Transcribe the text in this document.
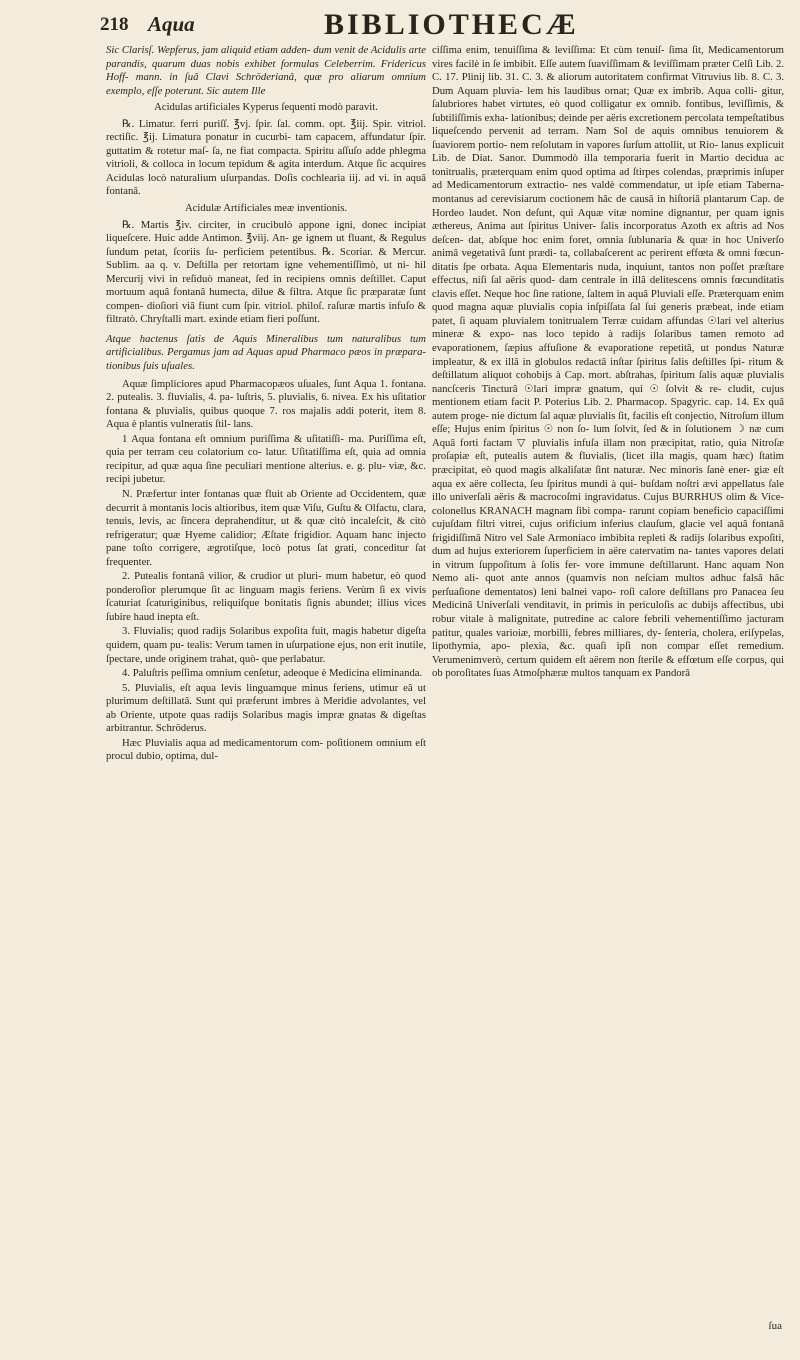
218 Aqua	BIBLIOTHECÆ

Sic Clarisſ. Wepferus, jam aliquid etiam adden- dum venit de Acidulis arte parandis, quarum duas nobis exhibet formulas Celeberrim. Fridericus Hoff- mann. in ſuâ Clavi Schröderianâ, quæ pro aliarum omnium exemplo, eſſe poterunt. Sic autem Ille

Acidulas artificiales Kyperus ſequenti modò paravit.

℞. Limatur. ferri puriſſ. ℥vj. ſpir. ſal. comm. opt. ℥iij. Spir. vitriol. rectiſic. ℥ij. Limatura ponatur in cucurbi- tam capacem, affundatur ſpir. guttatim & rotetur maſ- ſa, ne fiat compacta. Spiritu aſſuſo adde phlegma vitrioli, & colloca in locum tepidum & agita interdum. Atque ſic acquires Acidulas locò naturalium uſurpandas. Doſis cochlearia iij. ad vi. in aquâ fontanâ.

Acidulæ Artificiales meæ inventionis.

℞. Martis ℥iv. circiter, in crucibulò appone igni, donec incipiat liqueſcere. Huic adde Antimon. ℥viij. An- ge ignem ut fluant, & Regulus ſundum petat, ſcoriis ſu- perficiem petentibus. ℞. Scoriar. & Mercur. Sublim. aa q. v. Deſtilla per retortam igne vehementiſſimò, ut ni- hil Mercurij vivi in reſiduò maneat, ſed in recipiens omnis deſtillet. Caput mortuum aquâ fontanâ humecta, dilue & filtra. Atque ſic præparatæ ſunt compen- dioſiori viâ fiunt cum ſpir. vitriol. philoſ. raſuræ martis infuſo & filtratò. Chryſtalli mart. exinde etiam fieri poſſunt.

Atque hactenus ſatis de Aquis Mineralibus tum naturalibus tum artificialibus. Pergamus jam ad Aquas apud Pharmaco pæos in præpara- tionibus ſuis uſuales.

Aquæ ſimpliciores apud Pharmacopæos uſuales, ſunt Aqua 1. fontana. 2. putealis. 3. fluvialis, 4. pa- luſtris, 5. pluvialis, 6. nivea. Ex his uſitatior fontana & pluvialis, quibus quoque 7. ros majalis addi poterit, item 8. Aqua è plantis vulneratis ſtil- lans.

1 Aqua fontana eſt omnium puriſſima & uſitatiſſi- ma. Puriſſima eſt, quia per terram ceu colatorium co- latur. Uſitatiſſima eſt, quia ad omnia recipitur, ad quæ aqua ſine peculiari mentione alterius. e. g. plu- viæ, &c. recipi jubetur.

N. Præfertur inter fontanas quæ fluit ab Oriente ad Occidentem, quæ decurrit à montanis locis altioribus, item quæ Viſu, Guſtu & Olfactu, clara, tenuis, levis, ac ſincera deprahenditur, ut & quæ citò incaleſcit, & citò refrigeratur; quæ Hyeme calidior; Æſtate frigidior. Aquam hanc injecto pane toſto corrigere, ægrotiſque, locò potus ſat grati, conceditur ſat frequenter.

2. Putealis fontanâ vilior, & crudior ut pluri- mum habetur, eò quod ponderoſior plerumque ſit ac linguam magis feriens. Verùm ſi ex vivis ſcaturiat ſcaturiginibus, reliquiſque bonitatis ſignis abundet; illius vices ſubire haud inepta eſt.

3. Fluvialis; quod radijs Solaribus expoſita fuit, magis habetur digeſta quidem, quam pu- tealis: Verum tamen in uſurpatione ejus, non erit inutile, ſpectare, unde originem trahat, quò- que perlabatur.

4. Paluſtris peſſima omnium cenſetur, adeoque è Medicina eliminanda.

5. Pluvialis, eſt aqua levis linguamque minus feriens, utimur eâ ut plurimum deſtillatâ. Sunt qui præferunt imbres à Meridie advolantes, vel ab Oriente, utpote quas radijs Solaribus magis impræ gnatas & digeſtas arbitrantur. Schröderus.

Hæc Pluvialis aqua ad medicamentorum com- poſitionem omnium eſt procul dubio, optima, dul-

ciſſima enim, tenuiſſima & leviſſima: Et cùm tenuiſ- ſima ſit, Medicamentorum vires facilè in ſe imbibit. Eſſe autem ſuaviſſimam & leviſſimam præter Celſi Lib. 2. C. 17. Plinij lib. 31. C. 3. & aliorum autoritatem confirmat Vitruvius lib. 8. C. 3. Dum Aquam pluvia- lem his laudibus ornat; Quæ ex imbrib. Aqua colli- gitur, ſalubriores habet virtutes, eò quod colligatur ex omnib. fontibus, leviſſimis, & ſubtiliſſimis exha- lationibus; deinde per aëris excretionem percolata tempeſtatibus liqueſcendo pervenit ad terram. Nam Sol de aquis omnibus tenuiorem & ſuaviorem portio- nem reſolutam in vapores ſurſum attollit, ut Rio- lanus explicuit Lib. de Diat. Sanor. Dummodò illa temporaria fuerit in Martio decidua ac tonitrualis, præterquam enim quod optima ad ſtirpes colendas, præprimis inſuper ad Medicamentorum extractio- nes valdè commendatur, ut ipſe etiam Taberna- montanus ad cerevisiarum coctionem hâc de causâ in hiſtoriâ plantarum Cap. de Hordeo laudet. Non deſunt, qui Aquæ vitæ nomine dignantur, per quam ignis æthereus, Anima aut ſpiritus Univer- ſalis incorporatus Azoth ex aſtris ad Nos deſcen- dat, abſque hoc enim foret, omnia ſublunaria & quæ in hoc Univerſo animâ vegetativâ ſunt prædi- ta, collabaſcerent ac perirent effœta & omni fœcun- ditatis ſpe orbata. Aqua Elementaris nuda, inquiunt, tantos non poſſet præſtare effectus, niſi ſal aëris quod- dam centrale in illâ delitescens omnis fœcunditatis clavis eſſet. Neque hoc ſine ratione, ſaltem in aquâ Pluviali eſſe. Præterquam enim quod magna aquæ pluvialis copia inſpiſſata ſal ſui generis præbeat, inde etiam patet, ſi aquam pluvialem tonitrualem Terræ cuidam affundas ☉lari vel alterius mineræ & expo- nas loco tepido à radijs ſolaribus tamen remoto ad evaporationem, ſæpius affuſione & evaporatione repetitâ, ut pondus Naturæ impleatur, & ex illâ in globulos redactâ inſtar ſpiritus ſalis deſtilles ſpi- ritum & deſtillatum aliquot cohobijs à Cap. mort. abſtrahas, ſpiritum ſalis aquæ pluvialis nancſceris Tincturâ ☉lari impræ gnatum, qui ☉ ſolvit & re- cludit, cujus mentionem etiam facit P. Poterius Lib. 2. Pharmacop. Spagyric. cap. 14. Ex quâ autem proge- nie dictum ſal aquæ pluvialis ſit, facilis eſt conjectio, Nitroſum illum eſſe; Hujus enim ſpiritus ☉ non ſo- lum ſolvit, ſed & in ſolutionem ☽ næ cum Aquâ forti factam ▽ pluvialis infuſa illam non præcipitat, ratio, quia Nitroſæ proſapiæ eſt, putealis autem & fluvialis, (licet illa magis, quam hæc) ſtatim præcipitat, eò quod magis alkaliſatæ ſint naturæ. Nec minoris ſanè ener- giæ eſt aqua ex aëre collecta, ſeu ſpiritus mundi à qui- buſdam noſtri ævi appellatus ſale illo univerſali aëris & macrocoſmi ingravidatus. Cujus BURRHUS olim & Vice-colonellus KRANACH magnam ſibi compa- rarunt copiam beneficio capaciſſimi cujuſdam filtri vitrei, cujus orificium inferius clauſum, glacie vel aquâ fontanâ frigidiſſimâ Nitro vel Sale Armoniaco imbibita repleti & radijs ſolaribus expoſiti, dum ad hujus exteriorem ſuperficiem in aëre catervatim na- tantes vapores delati in vitrum ſuppoſitum à ſolis fer- vore immune deſtillarunt. Hanc aquam Non Nemo ali- quot ante annos (quamvis non neſciam multos adhuc falsâ hâc perſuaſione dementatos) leni balnei vapo- roſi calore deſtillans pro Panacea ſeu Medicinâ Univerſali venditavit, in primis in periculoſis ac dubijs affectibus, ubi robur vitale à malignitate, putredine ac calore febrili vehementiſſimo jacturam patitur, quales varioiæ, morbilli, febres milliares, dy- ſenteria, cholera, eriſypelas, lipothymia, apo- plexia, &c. quaſi ipſi non compar eſſet remedium. Verumenimverò, certum quidem eſt aërem non ſterile & effœtum eſſe corpus, qui ob poroſitates ſuas Atmoſphæræ multos tanquam ex Pandorâ

ſua
